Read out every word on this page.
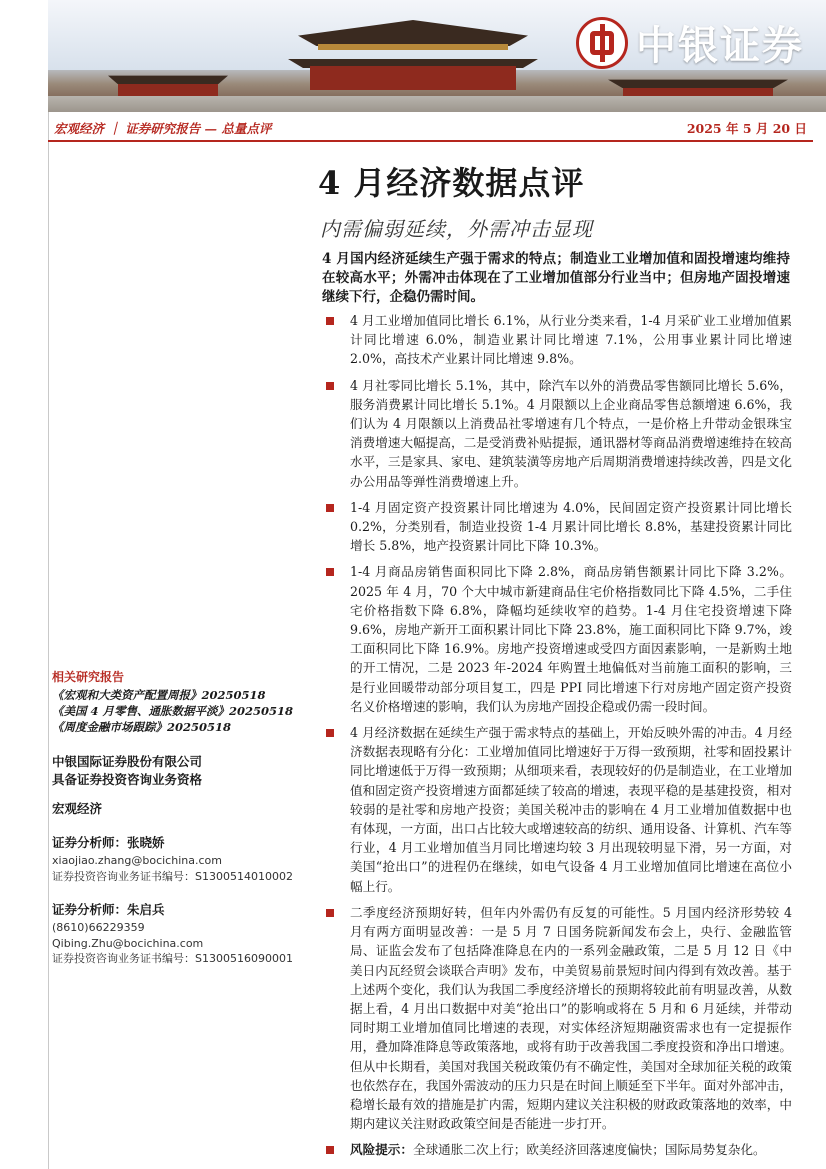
中银证券
宏观经济 ｜ 证券研究报告 — 总量点评	2025 年 5 月 20 日
4 月经济数据点评
内需偏弱延续，外需冲击显现
4 月国内经济延续生产强于需求的特点；制造业工业增加值和固投增速均维持在较高水平；外需冲击体现在了工业增加值部分行业当中；但房地产固投增速继续下行，企稳仍需时间。
4 月工业增加值同比增长 6.1%，从行业分类来看，1-4 月采矿业工业增加值累计同比增速 6.0%，制造业累计同比增速 7.1%，公用事业累计同比增速 2.0%，高技术产业累计同比增速 9.8%。
4 月社零同比增长 5.1%，其中，除汽车以外的消费品零售额同比增长 5.6%，服务消费累计同比增长 5.1%。4 月限额以上企业商品零售总额增速 6.6%，我们认为 4 月限额以上消费品社零增速有几个特点，一是价格上升带动金银珠宝消费增速大幅提高，二是受消费补贴提振，通讯器材等商品消费增速维持在较高水平，三是家具、家电、建筑装潢等房地产后周期消费增速持续改善，四是文化办公用品等弹性消费增速上升。
1-4 月固定资产投资累计同比增速为 4.0%，民间固定资产投资累计同比增长 0.2%，分类别看，制造业投资 1-4 月累计同比增长 8.8%，基建投资累计同比增长 5.8%，地产投资累计同比下降 10.3%。
1-4 月商品房销售面积同比下降 2.8%，商品房销售额累计同比下降 3.2%。2025 年 4 月，70 个大中城市新建商品住宅价格指数同比下降 4.5%，二手住宅价格指数下降 6.8%，降幅均延续收窄的趋势。1-4 月住宅投资增速下降 9.6%，房地产新开工面积累计同比下降 23.8%，施工面积同比下降 9.7%，竣工面积同比下降 16.9%。房地产投资增速或受四方面因素影响，一是新购土地的开工情况，二是 2023 年-2024 年购置土地偏低对当前施工面积的影响，三是行业回暖带动部分项目复工，四是 PPI 同比增速下行对房地产固定资产投资名义价格增速的影响，我们认为房地产固投企稳或仍需一段时间。
4 月经济数据在延续生产强于需求特点的基础上，开始反映外需的冲击。4 月经济数据表现略有分化：工业增加值同比增速好于万得一致预期，社零和固投累计同比增速低于万得一致预期；从细项来看，表现较好的仍是制造业，在工业增加值和固定资产投资增速方面都延续了较高的增速，表现平稳的是基建投资，相对较弱的是社零和房地产投资；美国关税冲击的影响在 4 月工业增加值数据中也有体现，一方面，出口占比较大或增速较高的纺织、通用设备、计算机、汽车等行业，4 月工业增加值当月同比增速均较 3 月出现较明显下滑，另一方面，对美国“抢出口”的进程仍在继续，如电气设备 4 月工业增加值同比增速在高位小幅上行。
二季度经济预期好转，但年内外需仍有反复的可能性。5 月国内经济形势较 4 月有两方面明显改善：一是 5 月 7 日国务院新闻发布会上，央行、金融监管局、证监会发布了包括降准降息在内的一系列金融政策，二是 5 月 12 日《中美日内瓦经贸会谈联合声明》发布，中美贸易前景短时间内得到有效改善。基于上述两个变化，我们认为我国二季度经济增长的预期将较此前有明显改善，从数据上看，4 月出口数据中对美“抢出口”的影响或将在 5 月和 6 月延续，并带动同时期工业增加值同比增速的表现，对实体经济短期融资需求也有一定提振作用，叠加降准降息等政策落地，或将有助于改善我国二季度投资和净出口增速。但从中长期看，美国对我国关税政策仍有不确定性，美国对全球加征关税的政策也依然存在，我国外需波动的压力只是在时间上顺延至下半年。面对外部冲击，稳增长最有效的措施是扩内需，短期内建议关注积极的财政政策落地的效率，中期内建议关注财政政策空间是否能进一步打开。
风险提示：全球通胀二次上行；欧美经济回落速度偏快；国际局势复杂化。
相关研究报告
《宏观和大类资产配置周报》20250518
《美国 4 月零售、通胀数据平淡》20250518
《周度金融市场跟踪》20250518
中银国际证券股份有限公司
具备证券投资咨询业务资格
宏观经济
证券分析师：张晓娇
xiaojiao.zhang@bocichina.com
证券投资咨询业务证书编号：S1300514010002
证券分析师：朱启兵
(8610)66229359
Qibing.Zhu@bocichina.com
证券投资咨询业务证书编号：S1300516090001
